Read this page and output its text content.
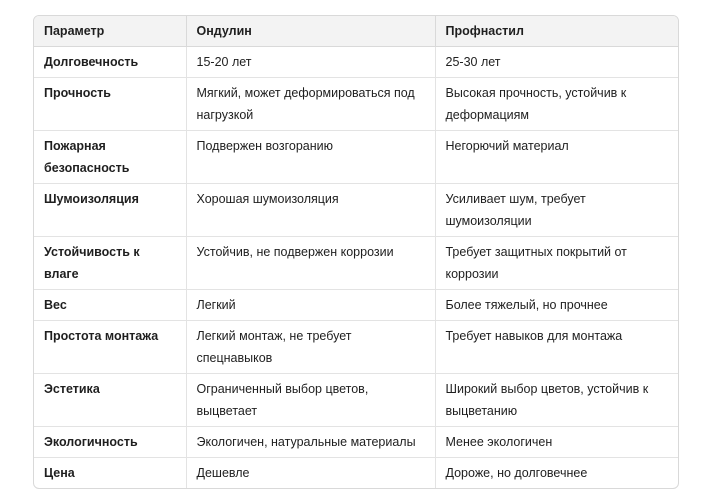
Параметр	Ондулин	Профнастил
Долговечность	15-20 лет	25-30 лет
Прочность	Мягкий, может деформироваться под нагрузкой	Высокая прочность, устойчив к деформациям
Пожарная безопасность	Подвержен возгоранию	Негорючий материал
Шумоизоляция	Хорошая шумоизоляция	Усиливает шум, требует шумоизоляции
Устойчивость к влаге	Устойчив, не подвержен коррозии	Требует защитных покрытий от коррозии
Вес	Легкий	Более тяжелый, но прочнее
Простота монтажа	Легкий монтаж, не требует спецнавыков	Требует навыков для монтажа
Эстетика	Ограниченный выбор цветов, выцветает	Широкий выбор цветов, устойчив к выцветанию
Экологичность	Экологичен, натуральные материалы	Менее экологичен
Цена	Дешевле	Дороже, но долговечнее
